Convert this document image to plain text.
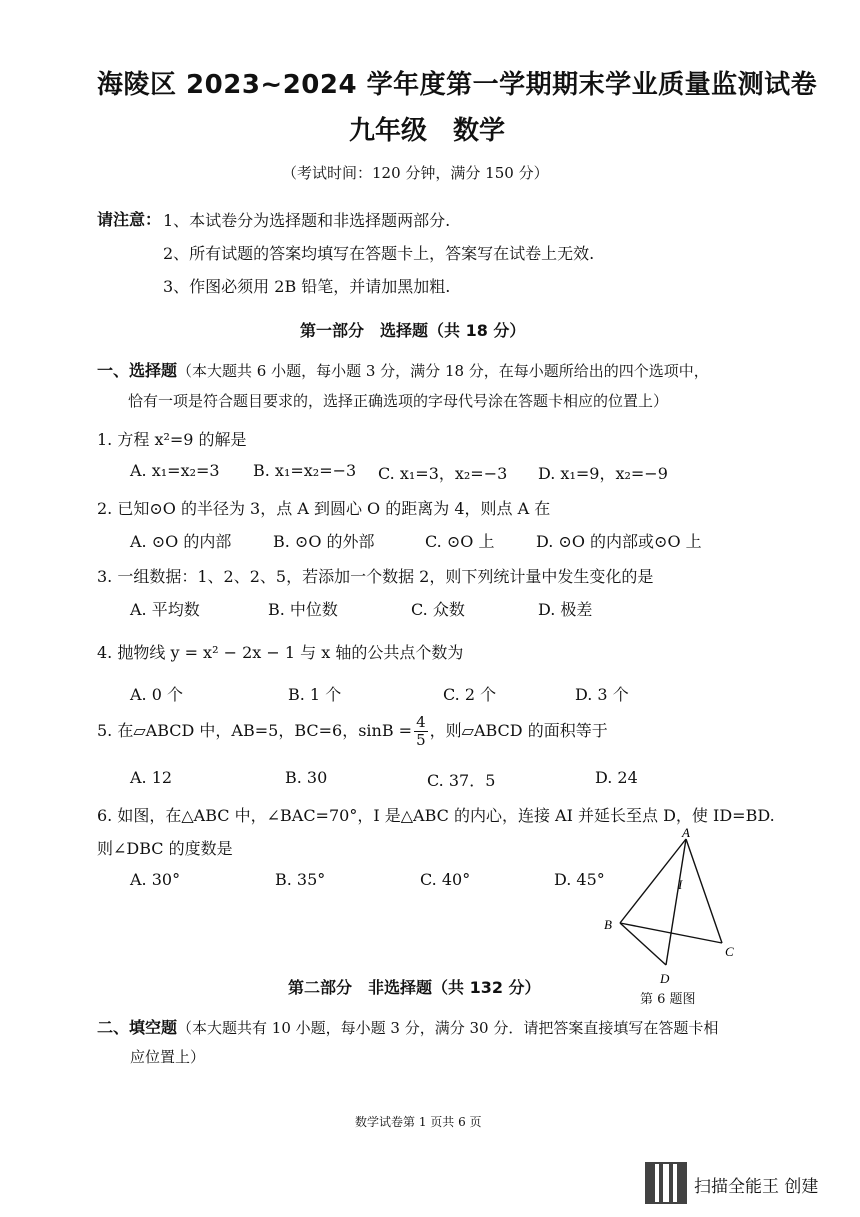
海陵区 2023~2024 学年度第一学期期末学业质量监测试卷
九年级　数学
（考试时间：120 分钟，满分 150 分）
请注意： 1、本试卷分为选择题和非选择题两部分.
2、所有试题的答案均填写在答题卡上，答案写在试卷上无效.
3、作图必须用 2B 铅笔，并请加黑加粗.
第一部分　选择题（共 18 分）
一、选择题（本大题共 6 小题，每小题 3 分，满分 18 分，在每小题所给出的四个选项中，
恰有一项是符合题目要求的，选择正确选项的字母代号涂在答题卡相应的位置上）
1. 方程 x²=9 的解是
A. x₁=x₂=3 B. x₁=x₂=−3 C. x₁=3，x₂=−3 D. x₁=9，x₂=−9
2. 已知⊙O 的半径为 3，点 A 到圆心 O 的距离为 4，则点 A 在
A. ⊙O 的内部	B. ⊙O 的外部	C. ⊙O 上	D. ⊙O 的内部或⊙O 上
3. 一组数据：1、2、2、5，若添加一个数据 2，则下列统计量中发生变化的是
A. 平均数	B. 中位数	C. 众数	D. 极差
4. 抛物线 y = x² − 2x − 1 与 x 轴的公共点个数为
A. 0 个	B. 1 个	C. 2 个	D. 3 个
5. 在▱ABCD 中，AB=5，BC=6，$\sin B = \frac{4}{5}$ ，则▱ABCD 的面积等于
A. 12	B. 30	C. 37．5	D. 24
6. 如图，在△ABC 中，∠BAC=70°，I 是△ABC 的内心，连接 AI 并延长至点 D，使 ID=BD.
则∠DBC 的度数是
A. 30°	B. 35°	C. 40°	D. 45°
A
B
C
D
I
第 6 题图
第二部分　非选择题（共 132 分）
二、填空题（本大题共有 10 小题，每小题 3 分，满分 30 分．请把答案直接填写在答题卡相
应位置上）
数学试卷第 1 页共 6 页
扫描全能王 创建
